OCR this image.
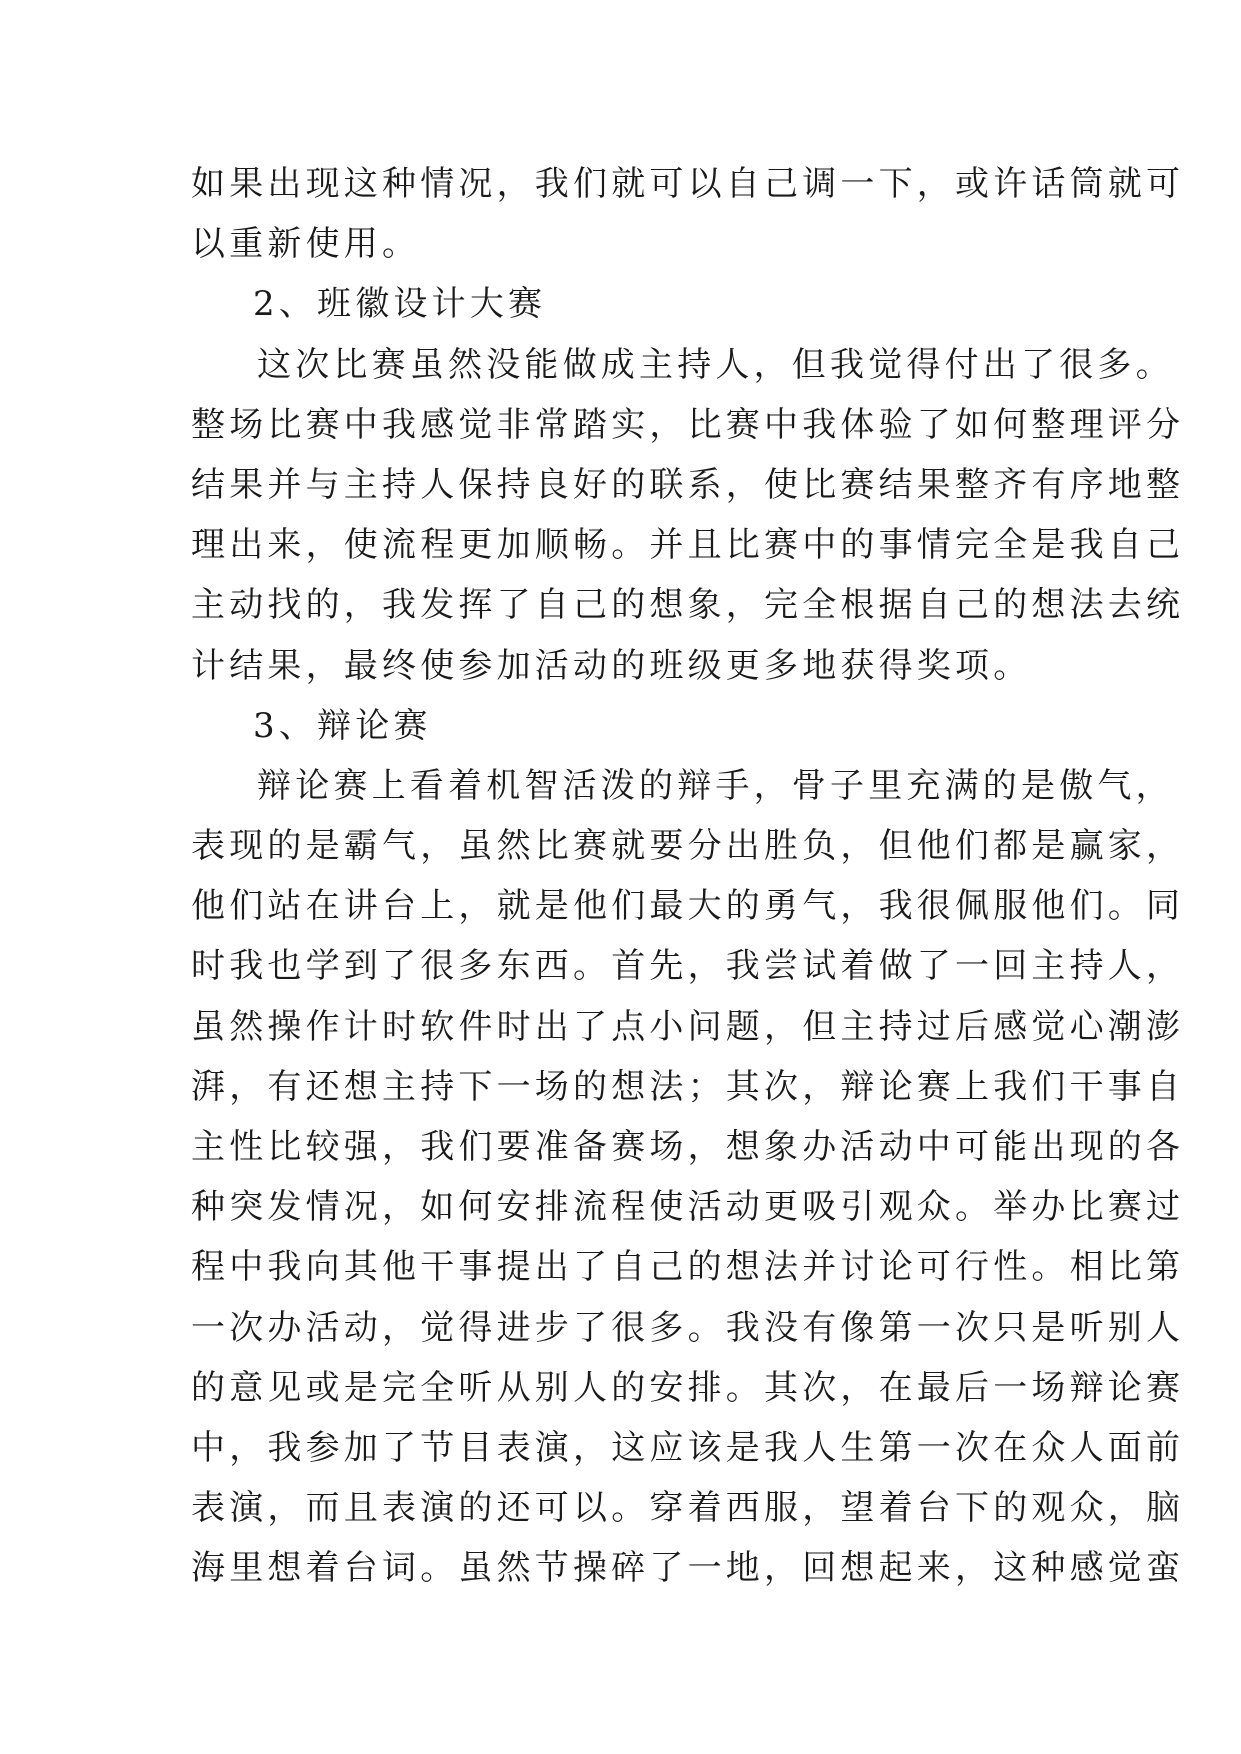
如果出现这种情况，我们就可以自己调一下，或许话筒就可
以重新使用。
2、班徽设计大赛
这次比赛虽然没能做成主持人，但我觉得付出了很多。
整场比赛中我感觉非常踏实，比赛中我体验了如何整理评分
结果并与主持人保持良好的联系，使比赛结果整齐有序地整
理出来，使流程更加顺畅。并且比赛中的事情完全是我自己
主动找的，我发挥了自己的想象，完全根据自己的想法去统
计结果，最终使参加活动的班级更多地获得奖项。
3、辩论赛
辩论赛上看着机智活泼的辩手，骨子里充满的是傲气，
表现的是霸气，虽然比赛就要分出胜负，但他们都是赢家，
他们站在讲台上，就是他们最大的勇气，我很佩服他们。同
时我也学到了很多东西。首先，我尝试着做了一回主持人，
虽然操作计时软件时出了点小问题，但主持过后感觉心潮澎
湃，有还想主持下一场的想法；其次，辩论赛上我们干事自
主性比较强，我们要准备赛场，想象办活动中可能出现的各
种突发情况，如何安排流程使活动更吸引观众。举办比赛过
程中我向其他干事提出了自己的想法并讨论可行性。相比第
一次办活动，觉得进步了很多。我没有像第一次只是听别人
的意见或是完全听从别人的安排。其次，在最后一场辩论赛
中，我参加了节目表演，这应该是我人生第一次在众人面前
表演，而且表演的还可以。穿着西服，望着台下的观众，脑
海里想着台词。虽然节操碎了一地，回想起来，这种感觉蛮
